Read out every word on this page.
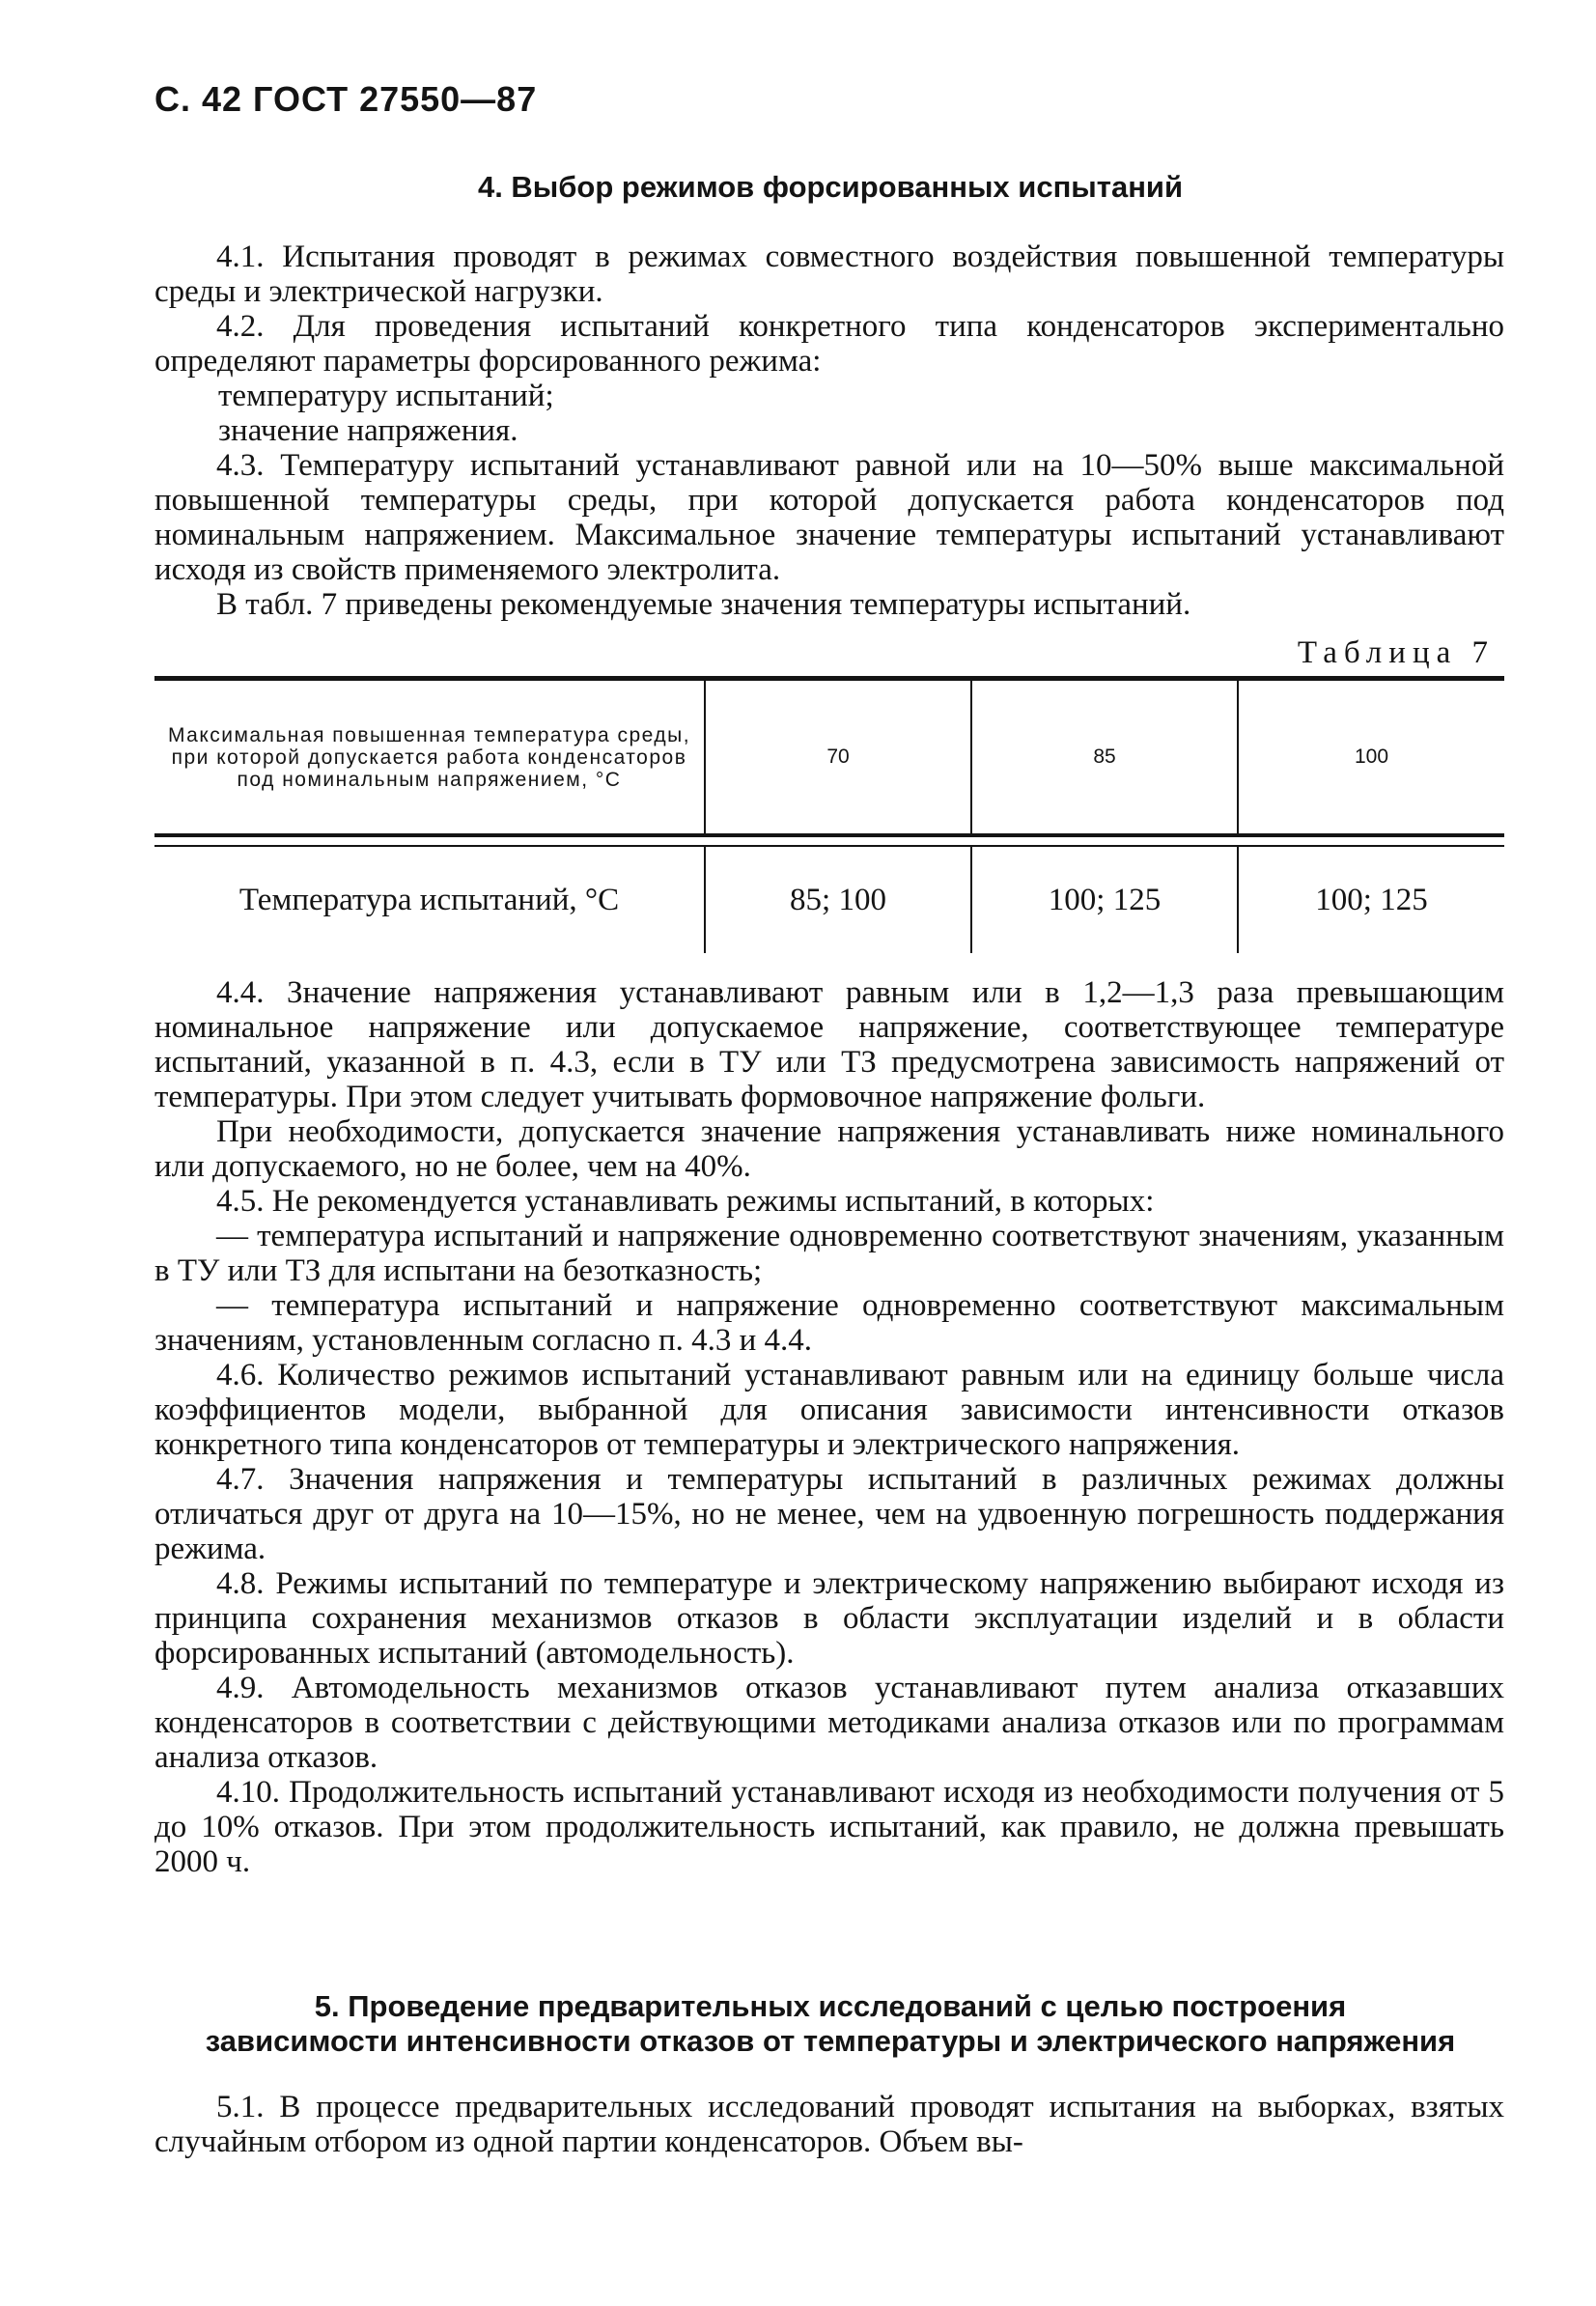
С. 42 ГОСТ 27550—87
4. Выбор режимов форсированных испытаний

4.1. Испытания проводят в режимах совместного воздействия повышенной температуры среды и электрической нагрузки.

4.2. Для проведения испытаний конкретного типа конденсаторов экспериментально определяют параметры форсированного режима:

температуру испытаний;

значение напряжения.

4.3. Температуру испытаний устанавливают равной или на 10—50% выше максимальной повышенной температуры среды, при которой допускается работа конденсаторов под номинальным напряжением. Максимальное значение температуры испытаний устанавливают исходя из свойств применяемого электролита.

В табл. 7 приведены рекомендуемые значения температуры испытаний.

Таблица 7

Максимальная повышенная температура среды, при которой допускается работа конденсаторов под номинальным напряжением, °C	70	85	100

Температура испытаний, °C	85; 100	100; 125	100; 125

4.4. Значение напряжения устанавливают равным или в 1,2—1,3 раза превышающим номинальное напряжение или допускаемое напряжение, соответствующее температуре испытаний, указанной в п. 4.3, если в ТУ или ТЗ предусмотрена зависимость напряжений от температуры. При этом следует учитывать формовочное напряжение фольги.

При необходимости, допускается значение напряжения устанавливать ниже номинального или допускаемого, но не более, чем на 40%.

4.5. Не рекомендуется устанавливать режимы испытаний, в которых:

— температура испытаний и напряжение одновременно соответствуют значениям, указанным в ТУ или ТЗ для испытани на безотказность;

— температура испытаний и напряжение одновременно соответствуют максимальным значениям, установленным согласно п. 4.3 и 4.4.

4.6. Количество режимов испытаний устанавливают равным или на единицу больше числа коэффициентов модели, выбранной для описания зависимости интенсивности отказов конкретного типа конденсаторов от температуры и электрического напряжения.

4.7. Значения напряжения и температуры испытаний в различных режимах должны отличаться друг от друга на 10—15%, но не менее, чем на удвоенную погрешность поддержания режима.

4.8. Режимы испытаний по температуре и электрическому напряжению выбирают исходя из принципа сохранения механизмов отказов в области эксплуатации изделий и в области форсированных испытаний (автомодельность).

4.9. Автомодельность механизмов отказов устанавливают путем анализа отказавших конденсаторов в соответствии с действующими методиками анализа отказов или по программам анализа отказов.

4.10. Продолжительность испытаний устанавливают исходя из необходимости получения от 5 до 10% отказов. При этом продолжительность испытаний, как правило, не должна превышать 2000 ч.

5. Проведение предварительных исследований с целью построения
зависимости интенсивности отказов от температуры и электрического напряжения

5.1. В процессе предварительных исследований проводят испытания на выборках, взятых случайным отбором из одной партии конденсаторов. Объем вы-
